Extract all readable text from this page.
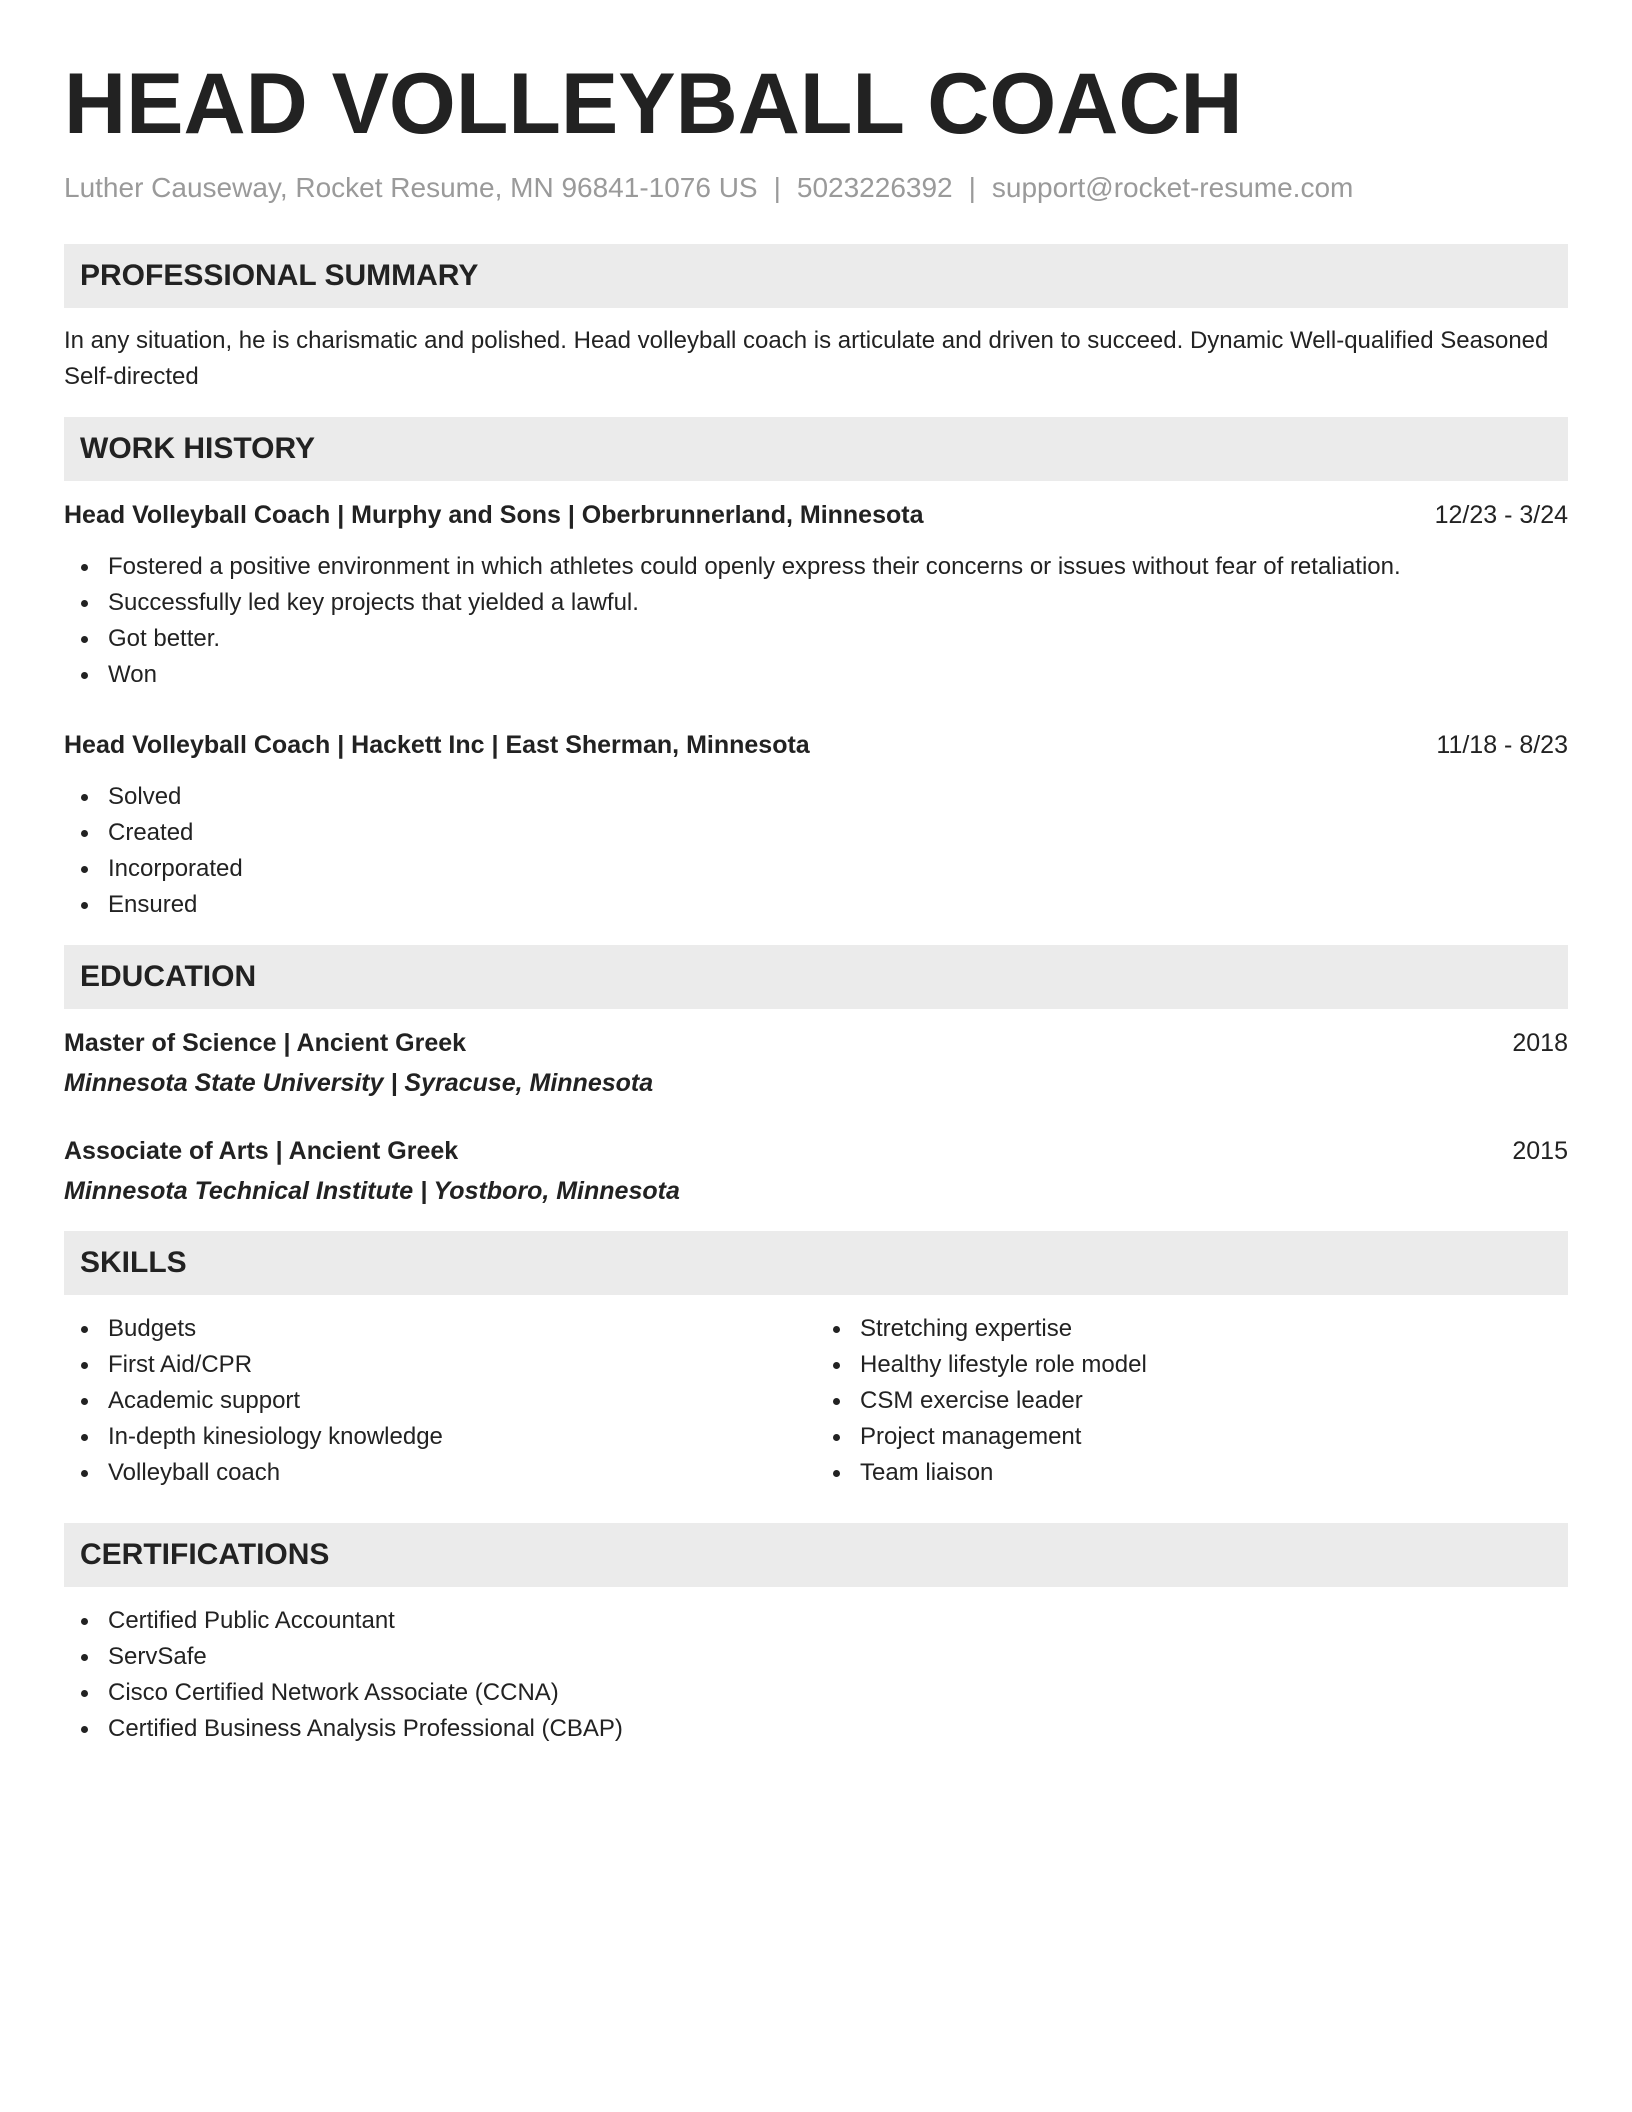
HEAD VOLLEYBALL COACH
Luther Causeway, Rocket Resume, MN 96841-1076 US | 5023226392 | support@rocket-resume.com
PROFESSIONAL SUMMARY
In any situation, he is charismatic and polished. Head volleyball coach is articulate and driven to succeed. Dynamic Well-qualified Seasoned Self-directed
WORK HISTORY
Head Volleyball Coach | Murphy and Sons | Oberbrunnerland, Minnesota	12/23 - 3/24
Fostered a positive environment in which athletes could openly express their concerns or issues without fear of retaliation.
Successfully led key projects that yielded a lawful.
Got better.
Won
Head Volleyball Coach | Hackett Inc | East Sherman, Minnesota	11/18 - 8/23
Solved
Created
Incorporated
Ensured
EDUCATION
Master of Science | Ancient Greek	2018
Minnesota State University | Syracuse, Minnesota
Associate of Arts | Ancient Greek	2015
Minnesota Technical Institute | Yostboro, Minnesota
SKILLS
Budgets
First Aid/CPR
Academic support
In-depth kinesiology knowledge
Volleyball coach
Stretching expertise
Healthy lifestyle role model
CSM exercise leader
Project management
Team liaison
CERTIFICATIONS
Certified Public Accountant
ServSafe
Cisco Certified Network Associate (CCNA)
Certified Business Analysis Professional (CBAP)
